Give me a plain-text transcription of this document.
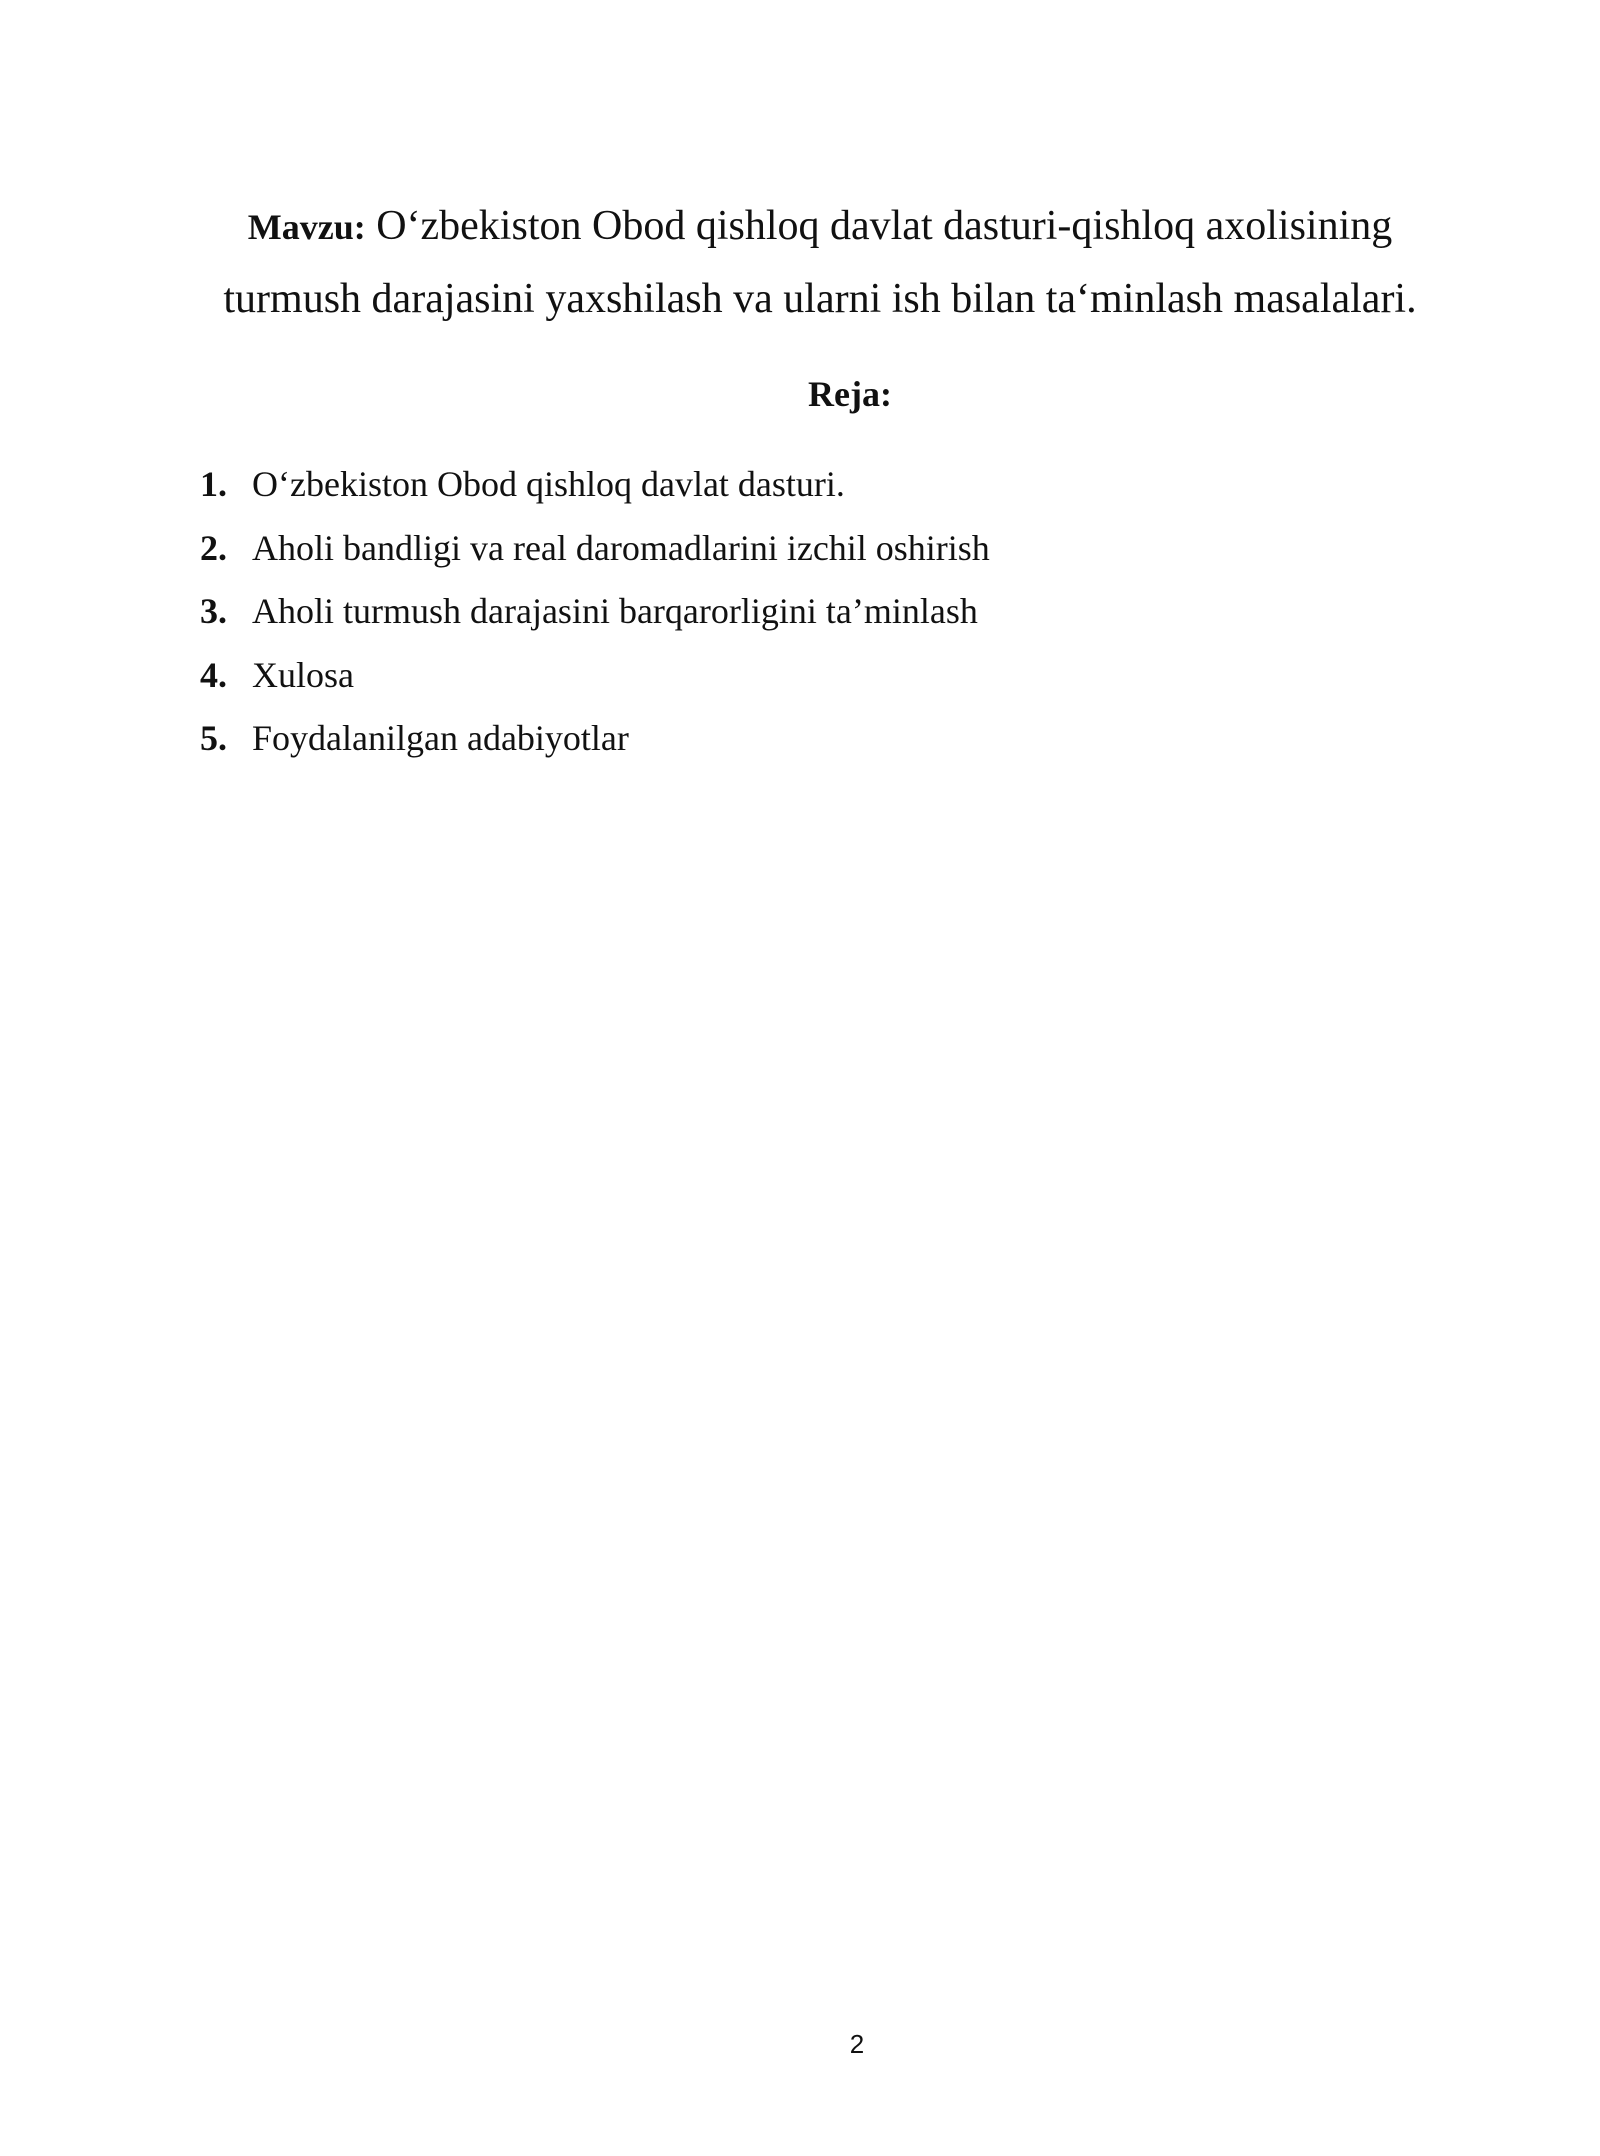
Mavzu: O‘zbekiston Obod qishloq davlat dasturi-qishloq axolisining turmush darajasini yaxshilash va ularni ish bilan ta‘minlash masalalari.
Reja:
1. O‘zbekiston Obod qishloq davlat dasturi.
2. Aholi bandligi va real daromadlarini izchil oshirish
3. Aholi turmush darajasini barqarorligini ta’minlash
4. Xulosa
5. Foydalanilgan adabiyotlar
2
